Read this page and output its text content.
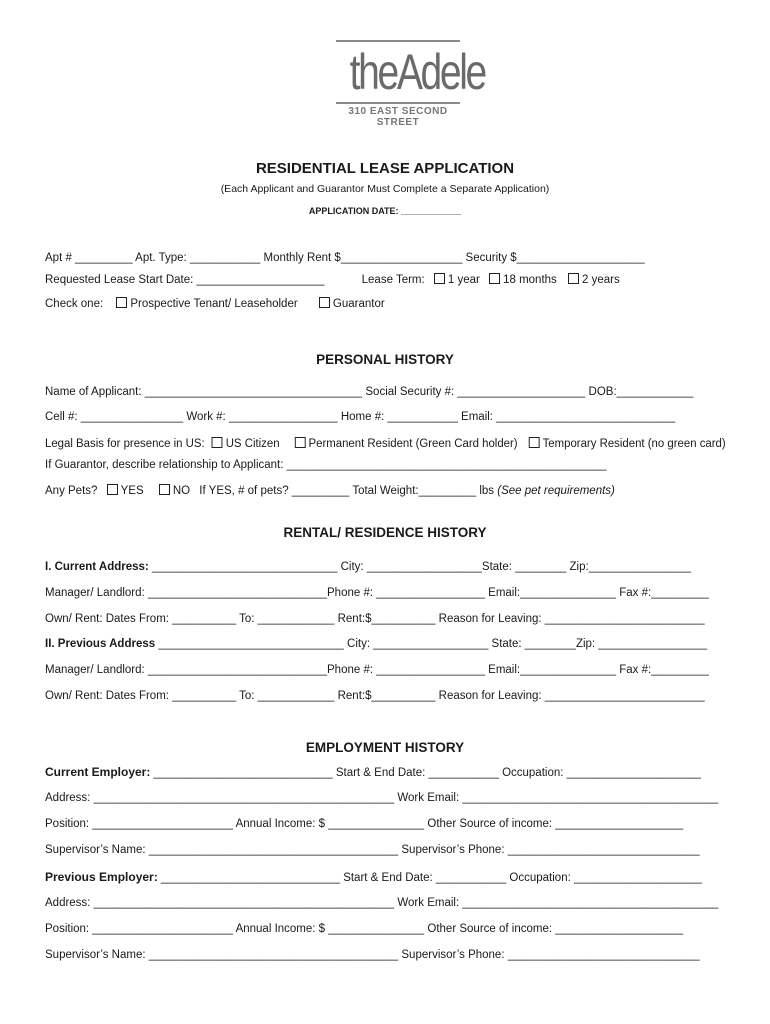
theAdele
310 EAST SECOND STREET
RESIDENTIAL LEASE APPLICATION
(Each Applicant and Guarantor Must Complete a Separate Application)
APPLICATION DATE: ____________
Apt # _________ Apt. Type: ___________ Monthly Rent $___________________ Security $____________________
Requested Lease Start Date: ____________________	Lease Term: 1 year 18 months 2 years
Check one: Prospective Tenant/ Leaseholder	Guarantor
PERSONAL HISTORY
Name of Applicant: __________________________________ Social Security #: ____________________ DOB:____________
Cell #: ________________ Work #: _________________ Home #: ___________ Email: ____________________________
Legal Basis for presence in US: US Citizen	Permanent Resident (Green Card holder) Temporary Resident (no green card)
If Guarantor, describe relationship to Applicant: __________________________________________________
Any Pets? YES	NO If YES, # of pets? _________ Total Weight:_________ lbs (See pet requirements)
RENTAL/ RESIDENCE HISTORY
I. Current Address: _____________________________ City: __________________State: ________ Zip:________________
Manager/ Landlord: ____________________________Phone #: _________________ Email:_______________ Fax #:_________
Own/ Rent: Dates From: __________ To: ____________ Rent:$__________ Reason for Leaving: _________________________
II. Previous Address _____________________________ City: __________________ State: ________Zip: _________________
Manager/ Landlord: ____________________________Phone #: _________________ Email:_______________ Fax #:_________
Own/ Rent: Dates From: __________ To: ____________ Rent:$__________ Reason for Leaving: _________________________
EMPLOYMENT HISTORY
Current Employer: ____________________________ Start & End Date: ___________ Occupation: _____________________
Address: _______________________________________________ Work Email: ________________________________________
Position: ______________________ Annual Income: $ _______________ Other Source of income: ____________________
Supervisor’s Name: _______________________________________ Supervisor’s Phone: ______________________________
Previous Employer: ____________________________ Start & End Date: ___________ Occupation: ____________________
Address: _______________________________________________ Work Email: ________________________________________
Position: ______________________ Annual Income: $ _______________ Other Source of income: ____________________
Supervisor’s Name: _______________________________________ Supervisor’s Phone: ______________________________
